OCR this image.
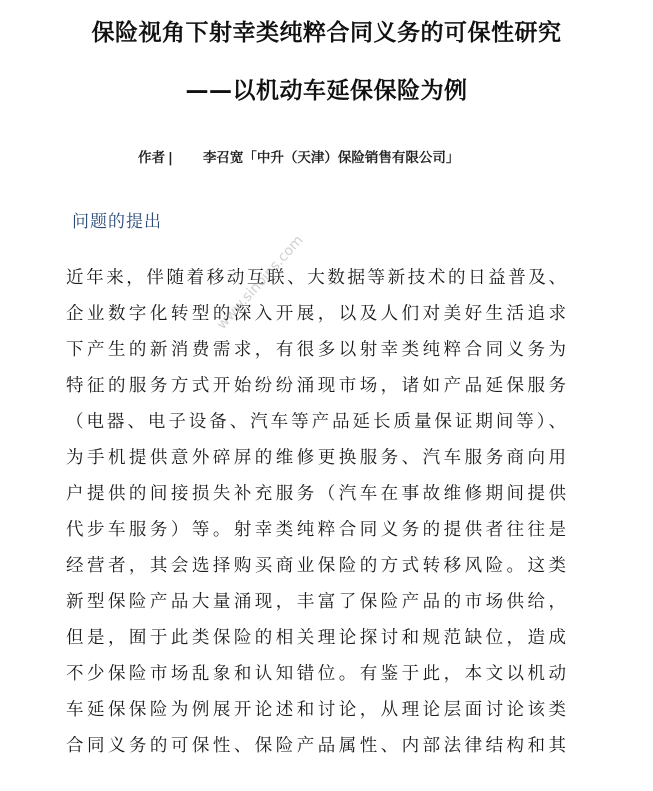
保险视角下射幸类纯粹合同义务的可保性研究
——以机动车延保保险为例
作者 | 李召宽「中升（天津）保险销售有限公司」
问题的提出
近年来，伴随着移动互联、大数据等新技术的日益普及、
企业数字化转型的深入开展，以及人们对美好生活追求
下产生的新消费需求，有很多以射幸类纯粹合同义务为
特征的服务方式开始纷纷涌现市场，诸如产品延保服务
（电器、电子设备、汽车等产品延长质量保证期间等）、
为手机提供意外碎屏的维修更换服务、汽车服务商向用
户提供的间接损失补充服务（汽车在事故维修期间提供
代步车服务）等。射幸类纯粹合同义务的提供者往往是
经营者，其会选择购买商业保险的方式转移风险。这类
新型保险产品大量涌现，丰富了保险产品的市场供给，
但是，囿于此类保险的相关理论探讨和规范缺位，造成
不少保险市场乱象和认知错位。有鉴于此，本文以机动
车延保保险为例展开论述和讨论，从理论层面讨论该类
合同义务的可保性、保险产品属性、内部法律结构和其
www.sinoins.com
